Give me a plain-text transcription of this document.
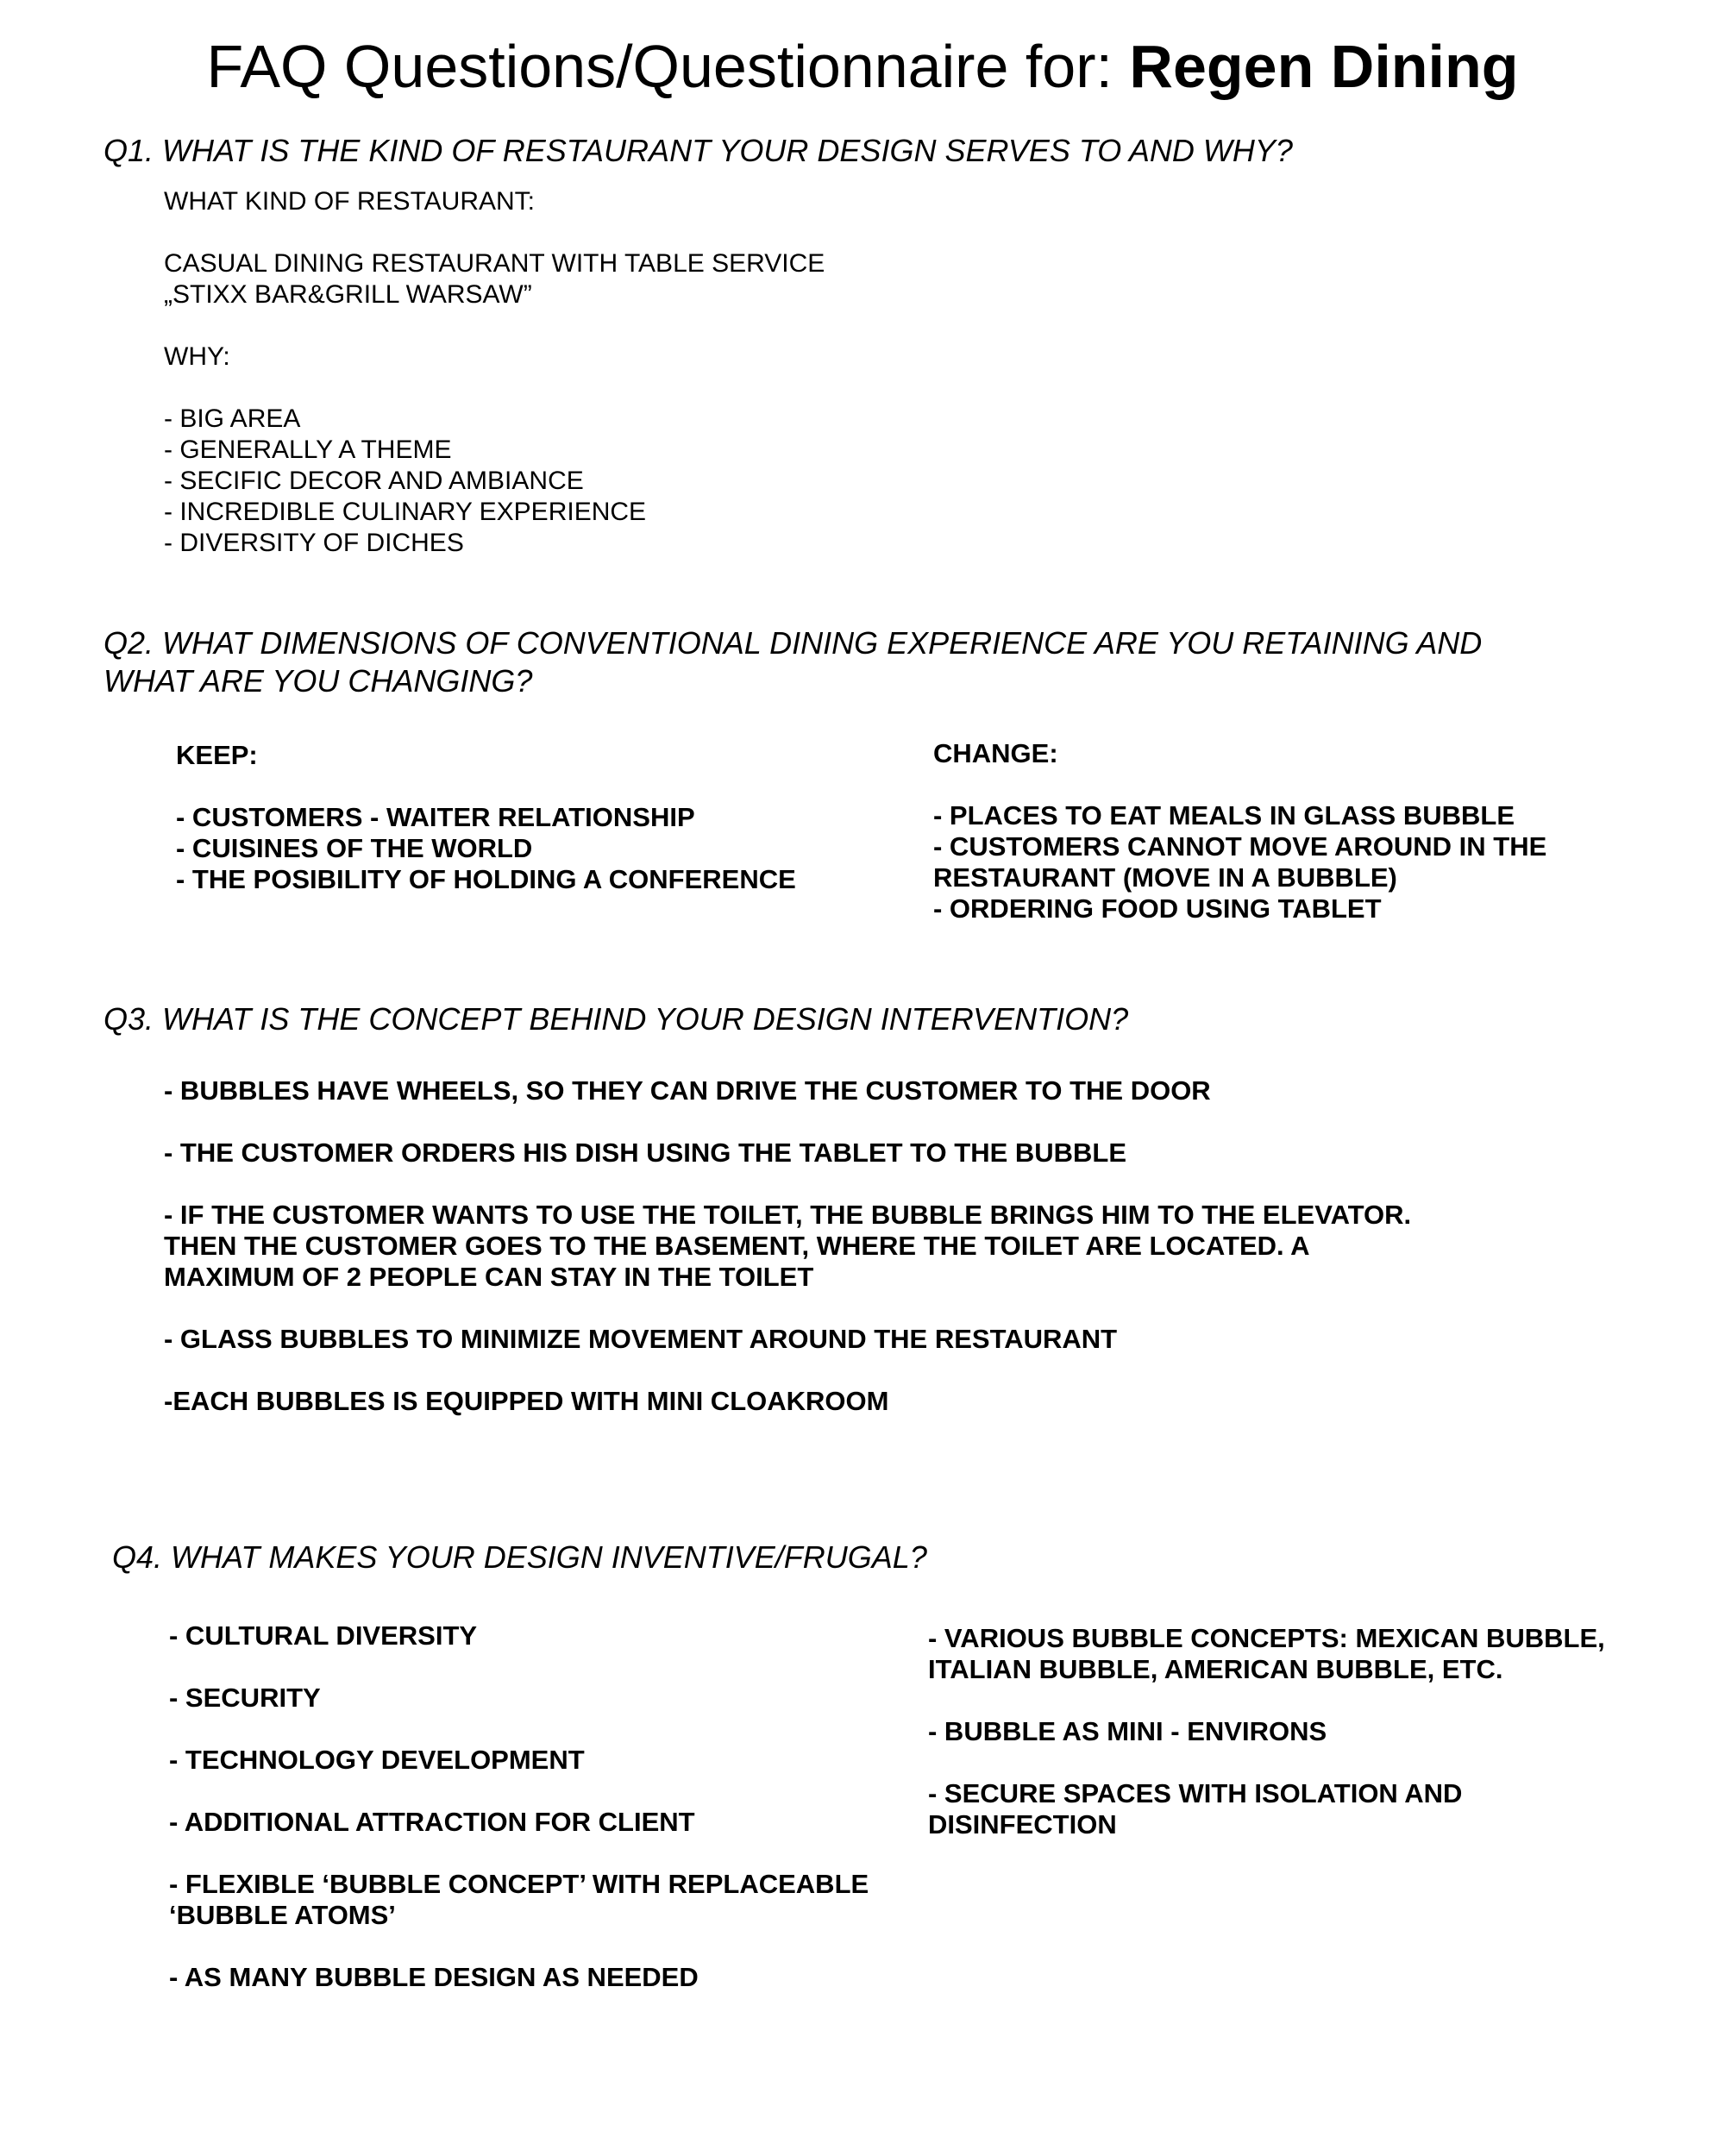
FAQ Questions/Questionnaire for: Regen Dining
Q1. WHAT IS THE KIND OF RESTAURANT YOUR DESIGN SERVES TO AND WHY?
WHAT KIND OF RESTAURANT:
CASUAL DINING RESTAURANT WITH TABLE SERVICE
„STIXX BAR&GRILL WARSAW”
WHY:
- BIG AREA
- GENERALLY A THEME
- SECIFIC DECOR AND AMBIANCE
- INCREDIBLE CULINARY EXPERIENCE
- DIVERSITY OF DICHES
Q2. WHAT DIMENSIONS OF CONVENTIONAL DINING EXPERIENCE ARE YOU RETAINING AND
WHAT ARE YOU CHANGING?
KEEP:
- CUSTOMERS - WAITER RELATIONSHIP
- CUISINES OF THE WORLD
- THE POSIBILITY OF HOLDING A CONFERENCE
CHANGE:
- PLACES TO EAT MEALS IN GLASS BUBBLE
- CUSTOMERS CANNOT MOVE AROUND IN THE
RESTAURANT (MOVE IN A BUBBLE)
- ORDERING FOOD USING TABLET
Q3. WHAT IS THE CONCEPT BEHIND YOUR DESIGN INTERVENTION?
- BUBBLES HAVE WHEELS, SO THEY CAN DRIVE THE CUSTOMER TO THE DOOR
- THE CUSTOMER ORDERS HIS DISH USING THE TABLET TO THE BUBBLE
- IF THE CUSTOMER WANTS TO USE THE TOILET, THE BUBBLE BRINGS HIM TO THE ELEVATOR.
THEN THE CUSTOMER GOES TO THE BASEMENT, WHERE THE TOILET ARE LOCATED. A
MAXIMUM OF 2 PEOPLE CAN STAY IN THE TOILET
- GLASS BUBBLES TO MINIMIZE MOVEMENT AROUND THE RESTAURANT
-EACH BUBBLES IS EQUIPPED WITH MINI CLOAKROOM
Q4. WHAT MAKES YOUR DESIGN INVENTIVE/FRUGAL?
- CULTURAL DIVERSITY
- SECURITY
- TECHNOLOGY DEVELOPMENT
- ADDITIONAL ATTRACTION FOR CLIENT
- FLEXIBLE ‘BUBBLE CONCEPT’ WITH REPLACEABLE
‘BUBBLE ATOMS’
- AS MANY BUBBLE DESIGN AS NEEDED
- VARIOUS BUBBLE CONCEPTS: MEXICAN BUBBLE,
ITALIAN BUBBLE, AMERICAN BUBBLE, ETC.
- BUBBLE AS MINI - ENVIRONS
- SECURE SPACES WITH ISOLATION AND
DISINFECTION
